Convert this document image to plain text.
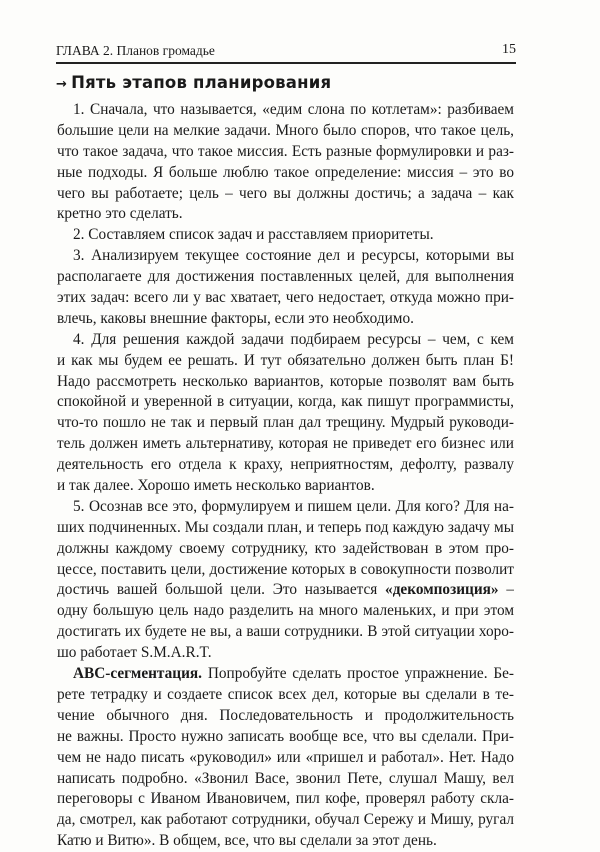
ГЛАВА 2. Планов громадье	15
→ Пять этапов планирования
1. Сначала, что называется, «едим слона по котлетам»: разбиваем
большие цели на мелкие задачи. Много было споров, что такое цель,
что такое задача, что такое миссия. Есть разные формулировки и раз-
ные подходы. Я больше люблю такое определение: миссия – это во
чего вы работаете; цель – чего вы должны достичь; а задача – как
кретно это сделать.
2. Составляем список задач и расставляем приоритеты.
3. Анализируем текущее состояние дел и ресурсы, которыми вы
располагаете для достижения поставленных целей, для выполнения
этих задач: всего ли у вас хватает, чего недостает, откуда можно при-
влечь, каковы внешние факторы, если это необходимо.
4. Для решения каждой задачи подбираем ресурсы – чем, с кем
и как мы будем ее решать. И тут обязательно должен быть план Б!
Надо рассмотреть несколько вариантов, которые позволят вам быть
спокойной и уверенной в ситуации, когда, как пишут программисты,
что-то пошло не так и первый план дал трещину. Мудрый руководи-
тель должен иметь альтернативу, которая не приведет его бизнес или
деятельность его отдела к краху, неприятностям, дефолту, развалу
и так далее. Хорошо иметь несколько вариантов.
5. Осознав все это, формулируем и пишем цели. Для кого? Для на-
ших подчиненных. Мы создали план, и теперь под каждую задачу мы
должны каждому своему сотруднику, кто задействован в этом про-
цессе, поставить цели, достижение которых в совокупности позволит
достичь вашей большой цели. Это называется «декомпозиция» –
одну большую цель надо разделить на много маленьких, и при этом
достигать их будете не вы, а ваши сотрудники. В этой ситуации хоро-
шо работает S.M.A.R.T.
ABC-сегментация. Попробуйте сделать простое упражнение. Бе-
рете тетрадку и создаете список всех дел, которые вы сделали в те-
чение обычного дня. Последовательность и продолжительность
не важны. Просто нужно записать вообще все, что вы сделали. При-
чем не надо писать «руководил» или «пришел и работал». Нет. Надо
написать подробно. «Звонил Васе, звонил Пете, слушал Машу, вел
переговоры с Иваном Ивановичем, пил кофе, проверял работу скла-
да, смотрел, как работают сотрудники, обучал Сережу и Мишу, ругал
Катю и Витю». В общем, все, что вы сделали за этот день.
